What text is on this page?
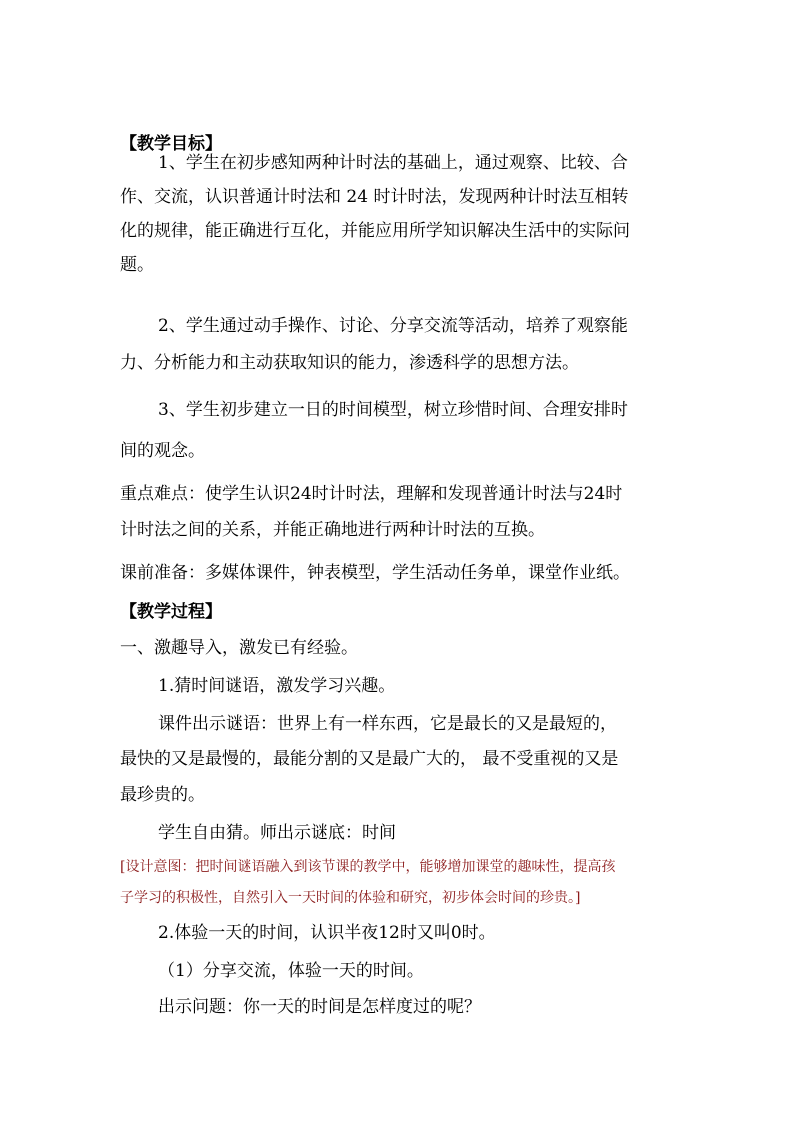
【教学目标】
1、学生在初步感知两种计时法的基础上，通过观察、比较、合
作、交流，认识普通计时法和 24 时计时法，发现两种计时法互相转
化的规律，能正确进行互化，并能应用所学知识解决生活中的实际问
题。
2、学生通过动手操作、讨论、分享交流等活动，培养了观察能
力、分析能力和主动获取知识的能力，渗透科学的思想方法。
3、学生初步建立一日的时间模型，树立珍惜时间、合理安排时
间的观念。
重点难点：使学生认识24时计时法，理解和发现普通计时法与24时
计时法之间的关系，并能正确地进行两种计时法的互换。
课前准备：多媒体课件，钟表模型，学生活动任务单，课堂作业纸。
【教学过程】
一、激趣导入，激发已有经验。
1.猜时间谜语，激发学习兴趣。
课件出示谜语：世界上有一样东西，它是最长的又是最短的，
最快的又是最慢的，最能分割的又是最广大的， 最不受重视的又是
最珍贵的。
学生自由猜。师出示谜底：时间
[设计意图：把时间谜语融入到该节课的教学中，能够增加课堂的趣味性，提高孩
子学习的积极性，自然引入一天时间的体验和研究，初步体会时间的珍贵。]
2.体验一天的时间，认识半夜12时又叫0时。
（1）分享交流，体验一天的时间。
出示问题：你一天的时间是怎样度过的呢？
